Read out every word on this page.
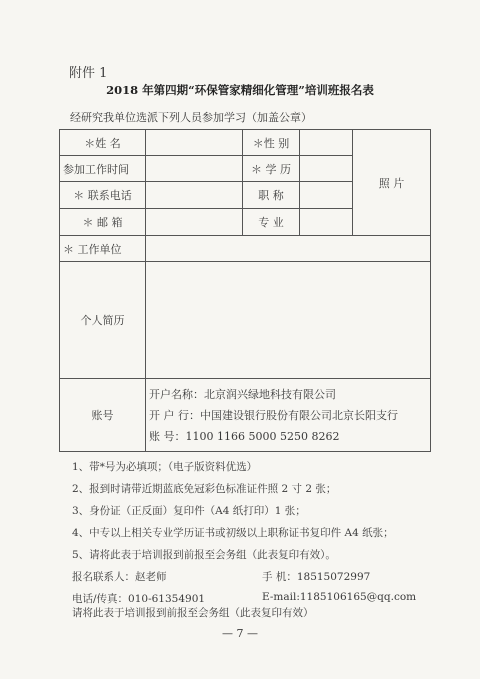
附件 1
2018 年第四期“环保管家精细化管理”培训班报名表
经研究我单位选派下列人员参加学习（加盖公章）
＊姓 名		＊性 别		照 片
参加工作时间		＊ 学 历		
＊ 联系电话		职 称		
＊ 邮 箱		专 业		
＊ 工作单位				
个人简历				
账号	开户名称：北京润兴绿地科技有限公司
开 户 行：中国建设银行股份有限公司北京长阳支行
账 号：1100 1166 5000 5250 8262			
1、带*号为必填项；（电子版资料优选）
2、报到时请带近期蓝底免冠彩色标准证件照 2 寸 2 张；
3、身份证（正反面）复印件（A4 纸打印）1 张；
4、中专以上相关专业学历证书或初级以上职称证书复印件 A4 纸张；
5、请将此表于培训报到前报至会务组（此表复印有效）。
报名联系人：赵老师	手 机：18515072997
电话/传真：010-61354901	E-mail:1185106165@qq.com
请将此表于培训报到前报至会务组（此表复印有效）
— 7 —
